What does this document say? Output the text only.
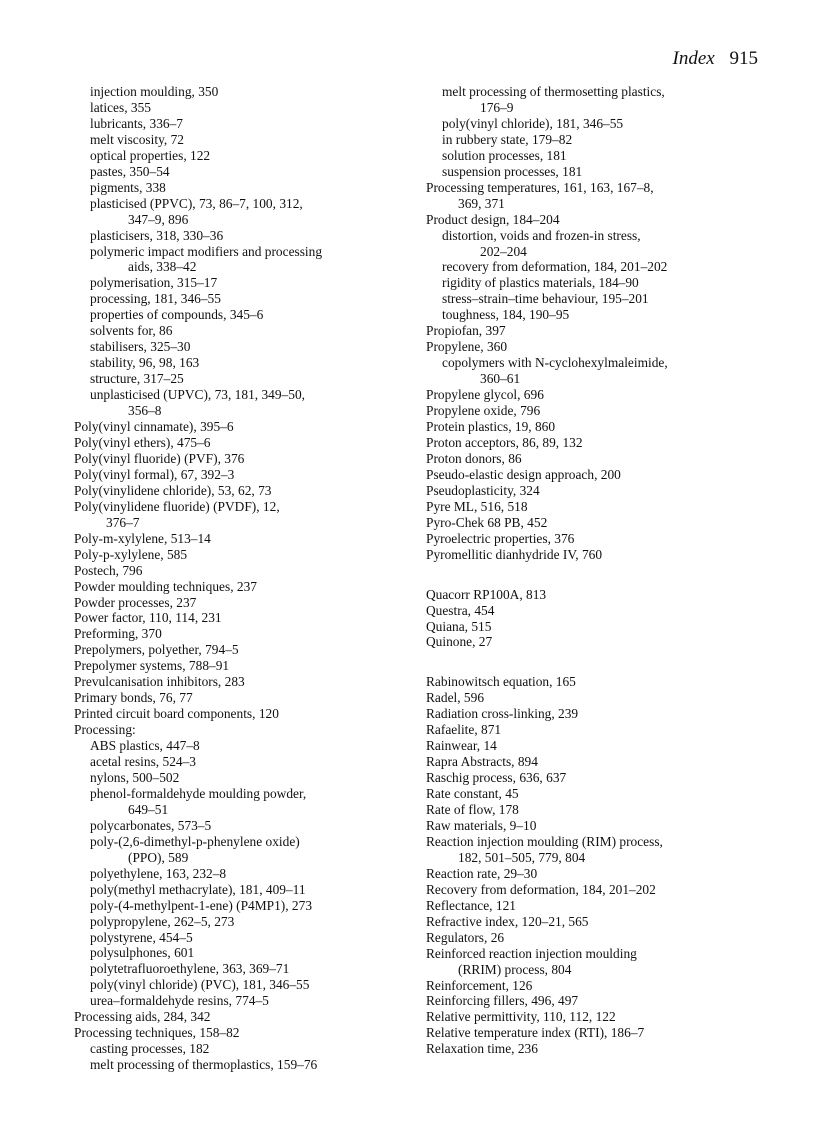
Index 915
injection moulding, 350
latices, 355
lubricants, 336–7
melt viscosity, 72
optical properties, 122
pastes, 350–54
pigments, 338
plasticised (PPVC), 73, 86–7, 100, 312,
347–9, 896
plasticisers, 318, 330–36
polymeric impact modifiers and processing
aids, 338–42
polymerisation, 315–17
processing, 181, 346–55
properties of compounds, 345–6
solvents for, 86
stabilisers, 325–30
stability, 96, 98, 163
structure, 317–25
unplasticised (UPVC), 73, 181, 349–50,
356–8
Poly(vinyl cinnamate), 395–6
Poly(vinyl ethers), 475–6
Poly(vinyl fluoride) (PVF), 376
Poly(vinyl formal), 67, 392–3
Poly(vinylidene chloride), 53, 62, 73
Poly(vinylidene fluoride) (PVDF), 12,
376–7
Poly-m-xylylene, 513–14
Poly-p-xylylene, 585
Postech, 796
Powder moulding techniques, 237
Powder processes, 237
Power factor, 110, 114, 231
Preforming, 370
Prepolymers, polyether, 794–5
Prepolymer systems, 788–91
Prevulcanisation inhibitors, 283
Primary bonds, 76, 77
Printed circuit board components, 120
Processing:
ABS plastics, 447–8
acetal resins, 524–3
nylons, 500–502
phenol-formaldehyde moulding powder,
649–51
polycarbonates, 573–5
poly-(2,6-dimethyl-p-phenylene oxide)
(PPO), 589
polyethylene, 163, 232–8
poly(methyl methacrylate), 181, 409–11
poly-(4-methylpent-1-ene) (P4MP1), 273
polypropylene, 262–5, 273
polystyrene, 454–5
polysulphones, 601
polytetrafluoroethylene, 363, 369–71
poly(vinyl chloride) (PVC), 181, 346–55
urea–formaldehyde resins, 774–5
Processing aids, 284, 342
Processing techniques, 158–82
casting processes, 182
melt processing of thermoplastics, 159–76
melt processing of thermosetting plastics,
176–9
poly(vinyl chloride), 181, 346–55
in rubbery state, 179–82
solution processes, 181
suspension processes, 181
Processing temperatures, 161, 163, 167–8,
369, 371
Product design, 184–204
distortion, voids and frozen-in stress,
202–204
recovery from deformation, 184, 201–202
rigidity of plastics materials, 184–90
stress–strain–time behaviour, 195–201
toughness, 184, 190–95
Propiofan, 397
Propylene, 360
copolymers with N-cyclohexylmaleimide,
360–61
Propylene glycol, 696
Propylene oxide, 796
Protein plastics, 19, 860
Proton acceptors, 86, 89, 132
Proton donors, 86
Pseudo-elastic design approach, 200
Pseudoplasticity, 324
Pyre ML, 516, 518
Pyro-Chek 68 PB, 452
Pyroelectric properties, 376
Pyromellitic dianhydride IV, 760
Quacorr RP100A, 813
Questra, 454
Quiana, 515
Quinone, 27
Rabinowitsch equation, 165
Radel, 596
Radiation cross-linking, 239
Rafaelite, 871
Rainwear, 14
Rapra Abstracts, 894
Raschig process, 636, 637
Rate constant, 45
Rate of flow, 178
Raw materials, 9–10
Reaction injection moulding (RIM) process,
182, 501–505, 779, 804
Reaction rate, 29–30
Recovery from deformation, 184, 201–202
Reflectance, 121
Refractive index, 120–21, 565
Regulators, 26
Reinforced reaction injection moulding
(RRIM) process, 804
Reinforcement, 126
Reinforcing fillers, 496, 497
Relative permittivity, 110, 112, 122
Relative temperature index (RTI), 186–7
Relaxation time, 236
